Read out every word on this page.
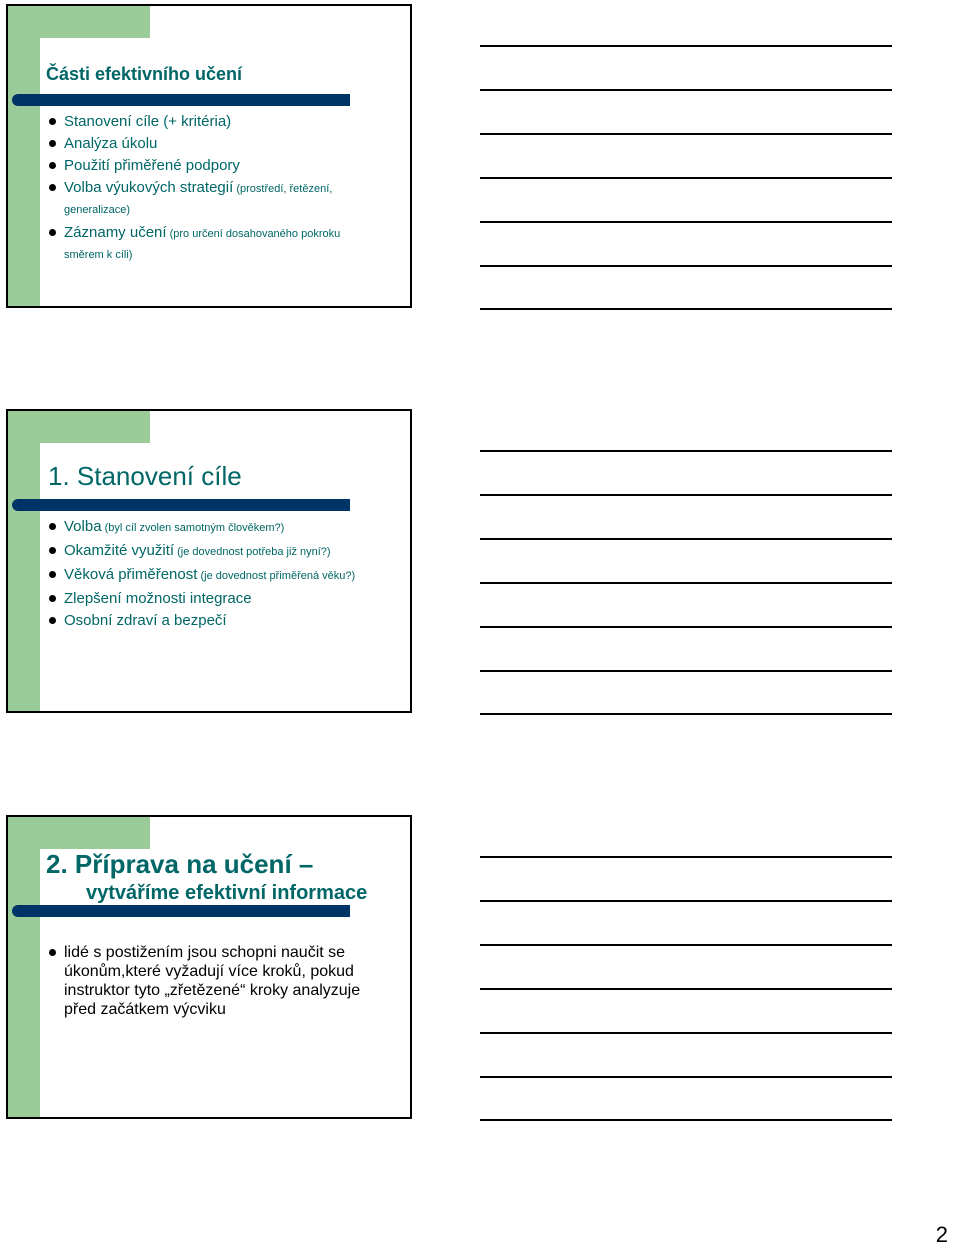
Části efektivního učení
Stanovení cíle (+ kritéria)
Analýza úkolu
Použití přiměřené podpory
Volba výukových strategií (prostředí, řetězení, generalizace)
Záznamy učení (pro určení dosahovaného pokroku směrem k cíli)
1. Stanovení cíle
Volba (byl cíl zvolen samotným člověkem?)
Okamžité využití (je dovednost potřeba již nyní?)
Věková přiměřenost (je dovednost přiměřená věku?)
Zlepšení možnosti integrace
Osobní zdraví a bezpečí
2. Příprava na učení –
vytváříme efektivní informace
lidé s postižením jsou schopni naučit se úkonům,které vyžadují více kroků, pokud instruktor tyto „zřetězené“ kroky analyzuje před začátkem výcviku
2
